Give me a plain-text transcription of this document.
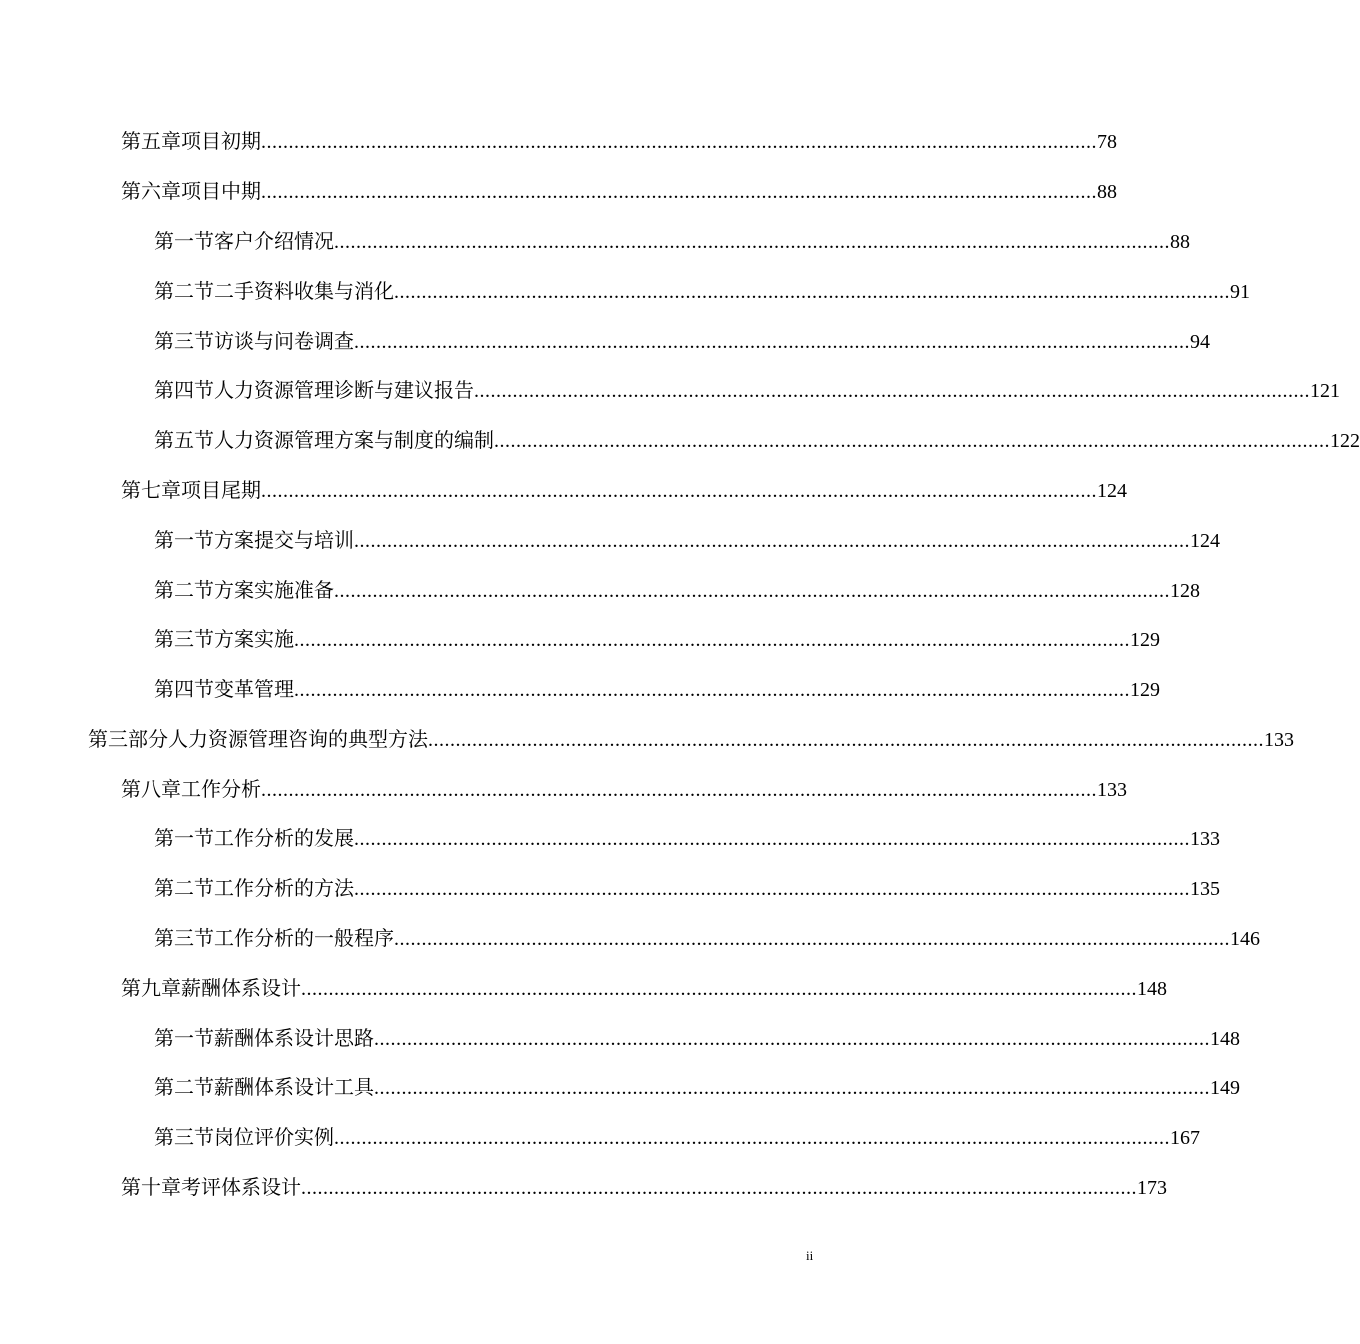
第五章 项目初期 ........................................................................................................................................................ 78
第六章 项目中期 ........................................................................................................................................................ 88
第一节 客户介绍情况 ........................................................................................................................................................ 88
第二节 二手资料收集与消化 ........................................................................................................................................................ 91
第三节 访谈与问卷调查 ........................................................................................................................................................ 94
第四节 人力资源管理诊断与建议报告 ........................................................................................................................................................ 121
第五节 人力资源管理方案与制度的编制 ........................................................................................................................................................ 122
第七章 项目尾期 ........................................................................................................................................................ 124
第一节 方案提交与培训 ........................................................................................................................................................ 124
第二节 方案实施准备 ........................................................................................................................................................ 128
第三节 方案实施 ........................................................................................................................................................ 129
第四节 变革管理 ........................................................................................................................................................ 129
第三部分 人力资源管理咨询的典型方法 ........................................................................................................................................................ 133
第八章 工作分析 ........................................................................................................................................................ 133
第一节 工作分析的发展 ........................................................................................................................................................ 133
第二节 工作分析的方法 ........................................................................................................................................................ 135
第三节 工作分析的一般程序 ........................................................................................................................................................ 146
第九章 薪酬体系设计 ........................................................................................................................................................ 148
第一节 薪酬体系设计思路 ........................................................................................................................................................ 148
第二节 薪酬体系设计工具 ........................................................................................................................................................ 149
第三节 岗位评价实例 ........................................................................................................................................................ 167
第十章 考评体系设计 ........................................................................................................................................................ 173
ii
